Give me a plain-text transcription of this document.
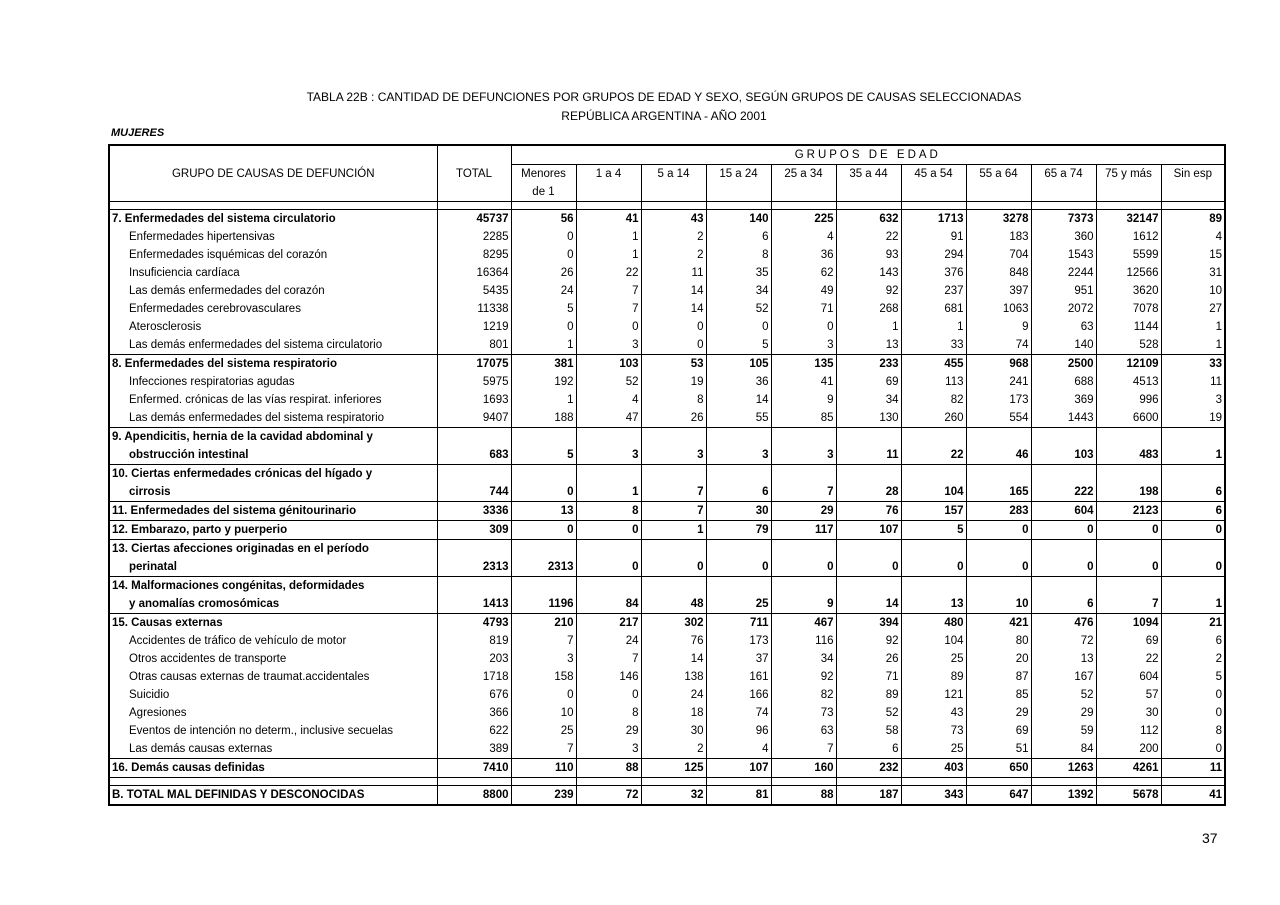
TABLA 22B : CANTIDAD DE DEFUNCIONES POR GRUPOS DE EDAD Y SEXO, SEGÚN GRUPOS DE CAUSAS SELECCIONADAS
REPÚBLICA ARGENTINA - AÑO 2001
MUJERES
		GRUPOS DE EDAD										
GRUPO DE CAUSAS DE DEFUNCIÓN	TOTAL	Menores	1 a 4	5 a 14	15 a 24	25 a 34	35 a 44	45 a 54	55 a 64	65 a 74	75 y más	Sin esp
		de 1										

7. Enfermedades del sistema circulatorio	45737	56	41	43	140	225	632	1713	3278	7373	32147	89
Enfermedades hipertensivas	2285	0	1	2	6	4	22	91	183	360	1612	4
Enfermedades isquémicas del corazón	8295	0	1	2	8	36	93	294	704	1543	5599	15
Insuficiencia cardíaca	16364	26	22	11	35	62	143	376	848	2244	12566	31
Las demás enfermedades del corazón	5435	24	7	14	34	49	92	237	397	951	3620	10
Enfermedades cerebrovasculares	11338	5	7	14	52	71	268	681	1063	2072	7078	27
Aterosclerosis	1219	0	0	0	0	0	1	1	9	63	1144	1
Las demás enfermedades del sistema circulatorio	801	1	3	0	5	3	13	33	74	140	528	1
8. Enfermedades del sistema respiratorio	17075	381	103	53	105	135	233	455	968	2500	12109	33
Infecciones respiratorias agudas	5975	192	52	19	36	41	69	113	241	688	4513	11
Enfermed. crónicas de las vías respirat. inferiores	1693	1	4	8	14	9	34	82	173	369	996	3
Las demás enfermedades del sistema respiratorio	9407	188	47	26	55	85	130	260	554	1443	6600	19
9. Apendicitis, hernia de la cavidad abdominal y												
obstrucción intestinal	683	5	3	3	3	3	11	22	46	103	483	1
10. Ciertas enfermedades crónicas del hígado y												
cirrosis	744	0	1	7	6	7	28	104	165	222	198	6
11. Enfermedades del sistema génitourinario	3336	13	8	7	30	29	76	157	283	604	2123	6
12. Embarazo, parto y puerperio	309	0	0	1	79	117	107	5	0	0	0	0
13. Ciertas afecciones originadas en el período												
perinatal	2313	2313	0	0	0	0	0	0	0	0	0	0
14. Malformaciones congénitas, deformidades												
y anomalías cromosómicas	1413	1196	84	48	25	9	14	13	10	6	7	1
15. Causas externas	4793	210	217	302	711	467	394	480	421	476	1094	21
Accidentes de tráfico de vehículo de motor	819	7	24	76	173	116	92	104	80	72	69	6
Otros accidentes de transporte	203	3	7	14	37	34	26	25	20	13	22	2
Otras causas externas de traumat.accidentales	1718	158	146	138	161	92	71	89	87	167	604	5
Suicidio	676	0	0	24	166	82	89	121	85	52	57	0
Agresiones	366	10	8	18	74	73	52	43	29	29	30	0
Eventos de intención no determ., inclusive secuelas	622	25	29	30	96	63	58	73	69	59	112	8
Las demás causas externas	389	7	3	2	4	7	6	25	51	84	200	0
16. Demás causas definidas	7410	110	88	125	107	160	232	403	650	1263	4261	11

B. TOTAL MAL DEFINIDAS Y DESCONOCIDAS	8800	239	72	32	81	88	187	343	647	1392	5678	41
37
